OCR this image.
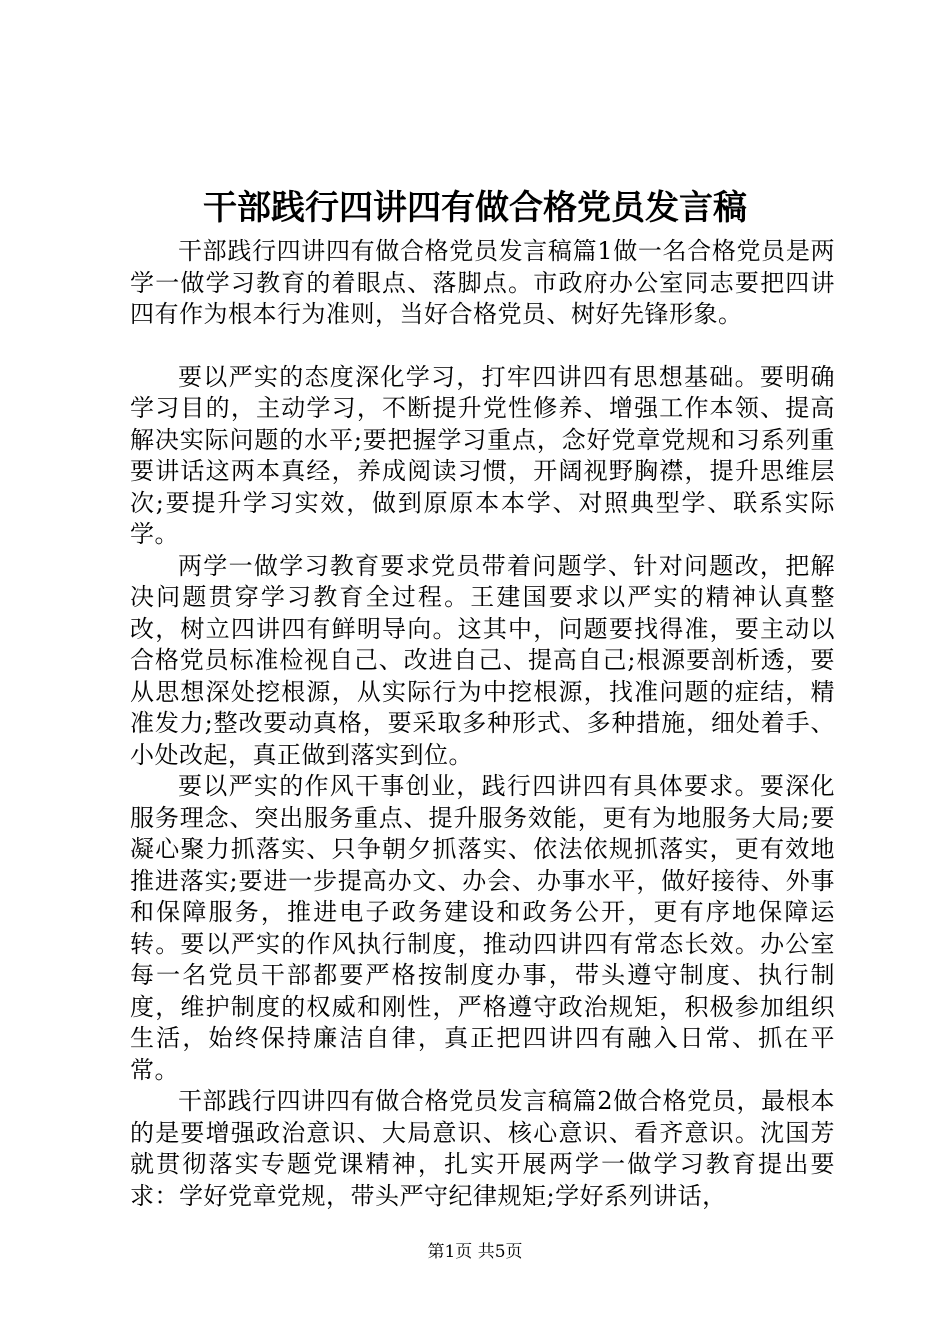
干部践行四讲四有做合格党员发言稿

干部践行四讲四有做合格党员发言稿篇1做一名合格党员是两学一做学习教育的着眼点、落脚点。市政府办公室同志要把四讲四有作为根本行为准则，当好合格党员、树好先锋形象。

要以严实的态度深化学习，打牢四讲四有思想基础。要明确学习目的，主动学习，不断提升党性修养、增强工作本领、提高解决实际问题的水平;要把握学习重点，念好党章党规和习系列重要讲话这两本真经，养成阅读习惯，开阔视野胸襟，提升思维层次;要提升学习实效，做到原原本本学、对照典型学、联系实际学。

两学一做学习教育要求党员带着问题学、针对问题改，把解决问题贯穿学习教育全过程。王建国要求以严实的精神认真整改，树立四讲四有鲜明导向。这其中，问题要找得准，要主动以合格党员标准检视自己、改进自己、提高自己;根源要剖析透，要从思想深处挖根源，从实际行为中挖根源，找准问题的症结，精准发力;整改要动真格，要采取多种形式、多种措施，细处着手、小处改起，真正做到落实到位。

要以严实的作风干事创业，践行四讲四有具体要求。要深化服务理念、突出服务重点、提升服务效能，更有为地服务大局;要凝心聚力抓落实、只争朝夕抓落实、依法依规抓落实，更有效地推进落实;要进一步提高办文、办会、办事水平，做好接待、外事和保障服务，推进电子政务建设和政务公开，更有序地保障运转。要以严实的作风执行制度，推动四讲四有常态长效。办公室每一名党员干部都要严格按制度办事，带头遵守制度、执行制度，维护制度的权威和刚性，严格遵守政治规矩，积极参加组织生活，始终保持廉洁自律，真正把四讲四有融入日常、抓在平常。

干部践行四讲四有做合格党员发言稿篇2做合格党员，最根本的是要增强政治意识、大局意识、核心意识、看齐意识。沈国芳就贯彻落实专题党课精神，扎实开展两学一做学习教育提出要求：学好党章党规，带头严守纪律规矩;学好系列讲话，

第1页 共5页
